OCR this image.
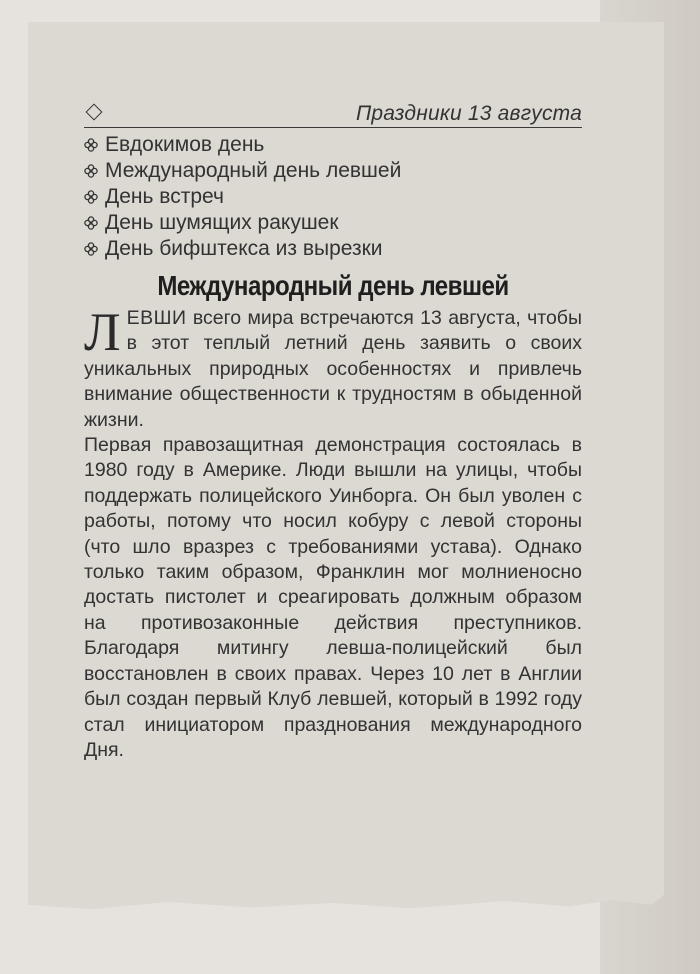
Праздники 13 августа
Евдокимов день
Международный день левшей
День встреч
День шумящих ракушек
День бифштекса из вырезки
Международный день левшей

ЛЕВШИ всего мира встречаются 13 августа, чтобы в этот теплый летний день заявить о своих уникальных природных особенностях и привлечь внимание общественности к трудностям в обыденной жизни.

Первая правозащитная демонстрация состоялась в 1980 году в Америке. Люди вышли на улицы, чтобы поддержать полицейского Уинборга. Он был уволен с работы, потому что носил кобуру с левой стороны (что шло вразрез с требованиями устава). Однако только таким образом, Франклин мог молниеносно достать пистолет и среагировать должным образом на противозаконные действия преступников. Благодаря митингу левша-полицейский был восстановлен в своих правах. Через 10 лет в Англии был создан первый Клуб левшей, который в 1992 году стал инициатором празднования международного Дня.
